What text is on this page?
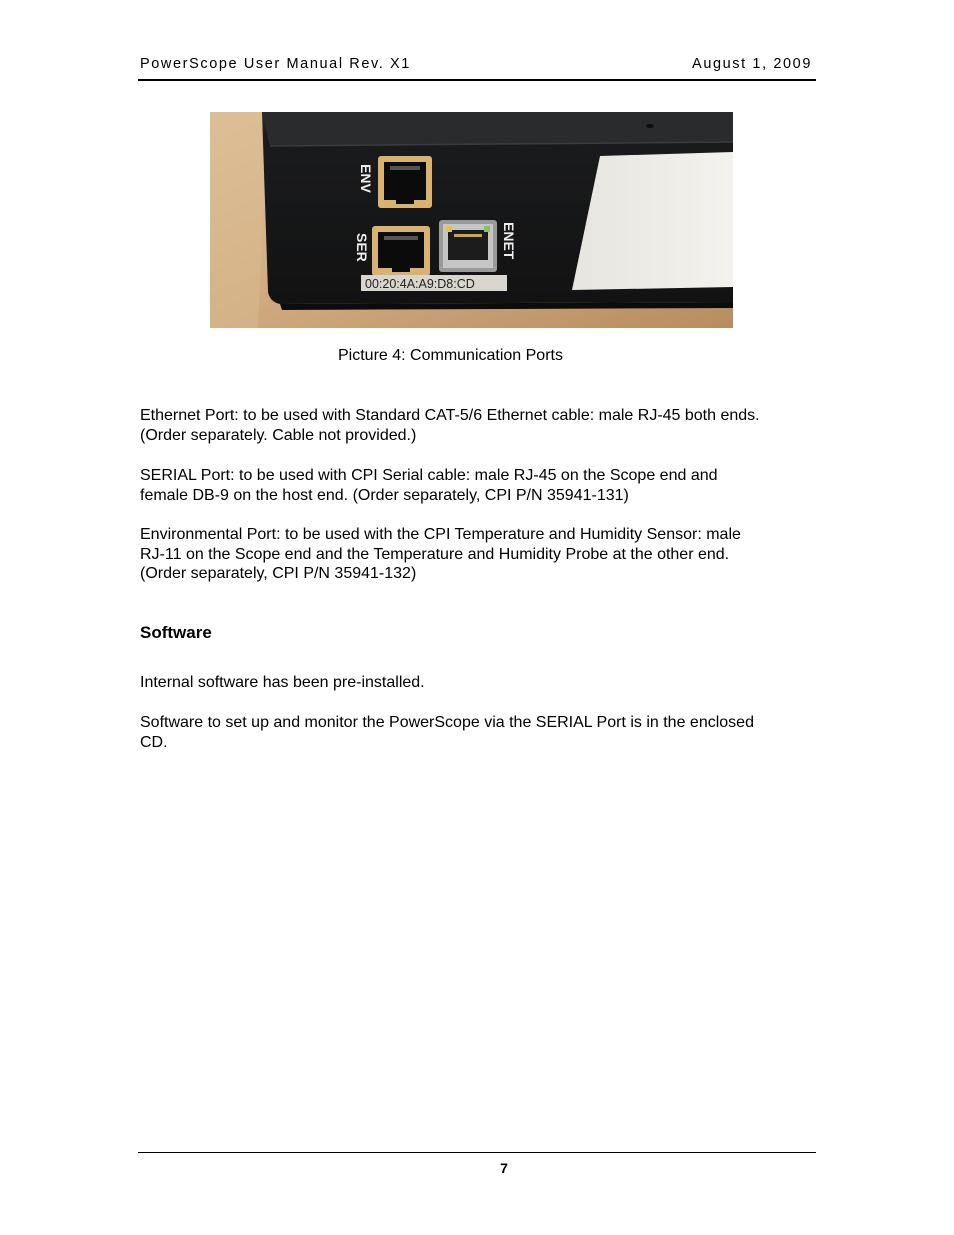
PowerScope User Manual Rev. X1	August 1, 2009
ENV
SER	ENET
00:20:4A:A9:D8:CD
Picture 4: Communication Ports
Ethernet Port: to be used with Standard CAT-5/6 Ethernet cable: male RJ-45 both ends.
(Order separately. Cable not provided.)
SERIAL Port: to be used with CPI Serial cable: male RJ-45 on the Scope end and
female DB-9 on the host end. (Order separately, CPI P/N 35941-131)
Environmental Port: to be used with the CPI Temperature and Humidity Sensor: male
RJ-11 on the Scope end and the Temperature and Humidity Probe at the other end.
(Order separately, CPI P/N 35941-132)
Software
Internal software has been pre-installed.
Software to set up and monitor the PowerScope via the SERIAL Port is in the enclosed
CD.
7
